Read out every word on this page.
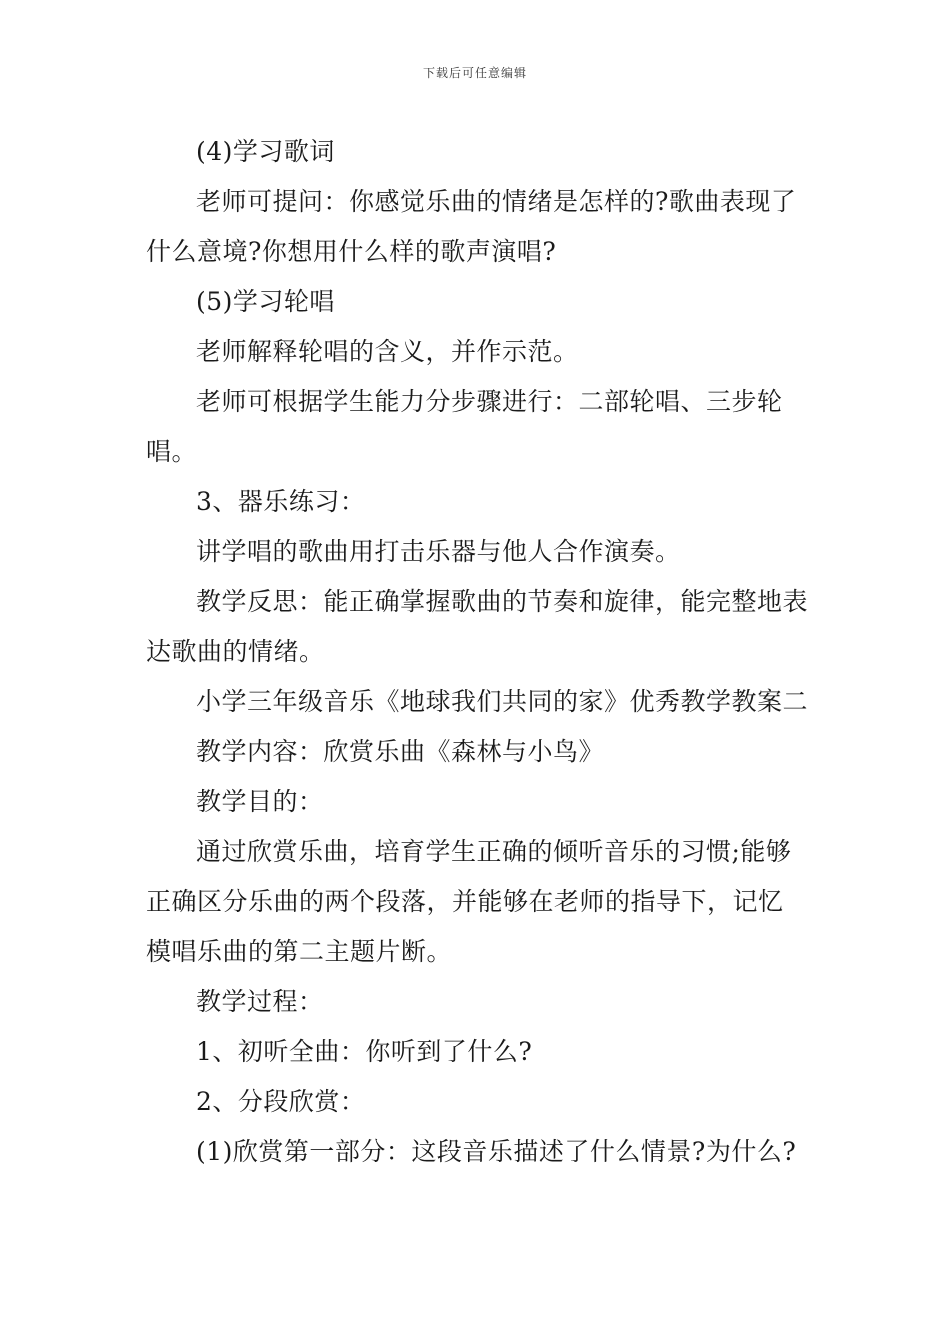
下载后可任意编辑

(4)学习歌词

老师可提问：你感觉乐曲的情绪是怎样的?歌曲表现了什么意境?你想用什么样的歌声演唱?

(5)学习轮唱

老师解释轮唱的含义，并作示范。

老师可根据学生能力分步骤进行：二部轮唱、三步轮唱。

3、器乐练习：

讲学唱的歌曲用打击乐器与他人合作演奏。

教学反思：能正确掌握歌曲的节奏和旋律，能完整地表达歌曲的情绪。

小学三年级音乐《地球我们共同的家》优秀教学教案二

教学内容：欣赏乐曲《森林与小鸟》

教学目的：

通过欣赏乐曲，培育学生正确的倾听音乐的习惯;能够正确区分乐曲的两个段落，并能够在老师的指导下，记忆模唱乐曲的第二主题片断。

教学过程：

1、初听全曲：你听到了什么?

2、分段欣赏：

(1)欣赏第一部分：这段音乐描述了什么情景?为什么?
